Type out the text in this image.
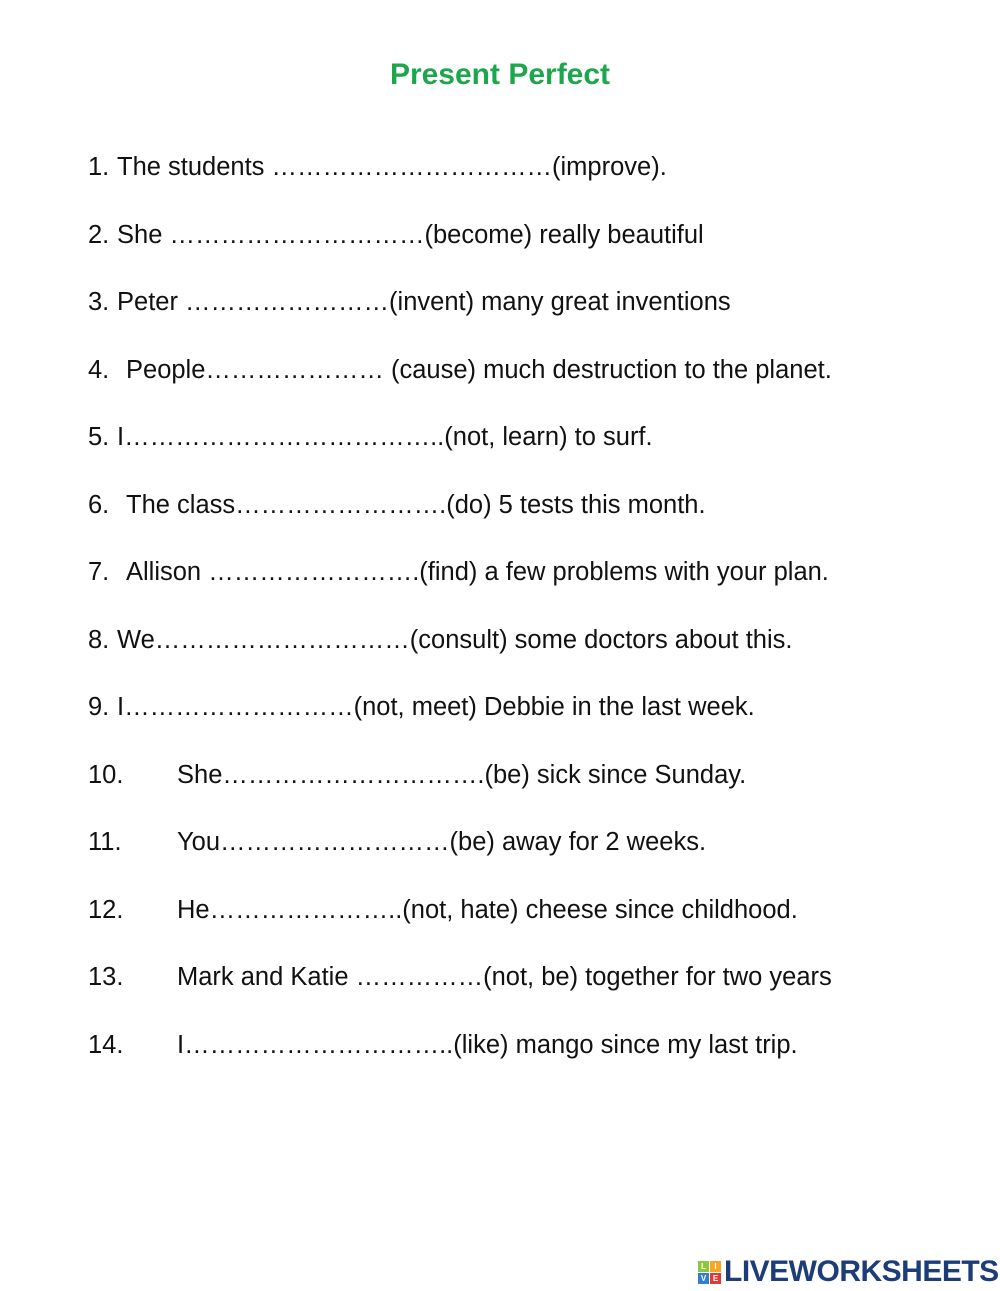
Present Perfect
1. The students ……………………………(improve).
2. She …………………………(become) really beautiful
3. Peter ……………………(invent) many great inventions
4. People………………… (cause) much destruction to the planet.
5. I………………………………..(not, learn) to surf.
6. The class…………………….(do) 5 tests this month.
7. Allison …………………….(find) a few problems with your plan.
8. We…………………………(consult) some doctors about this.
9. I………………………(not, meet) Debbie in the last week.
10. She………………………….(be) sick since Sunday.
11. You………………………(be) away for 2 weeks.
12. He…………………..(not, hate) cheese since childhood.
13. Mark and Katie ……………(not, be) together for two years
14. I…………………………..(like) mango since my last trip.
L	I
V E LIVEWORKSHEETS
